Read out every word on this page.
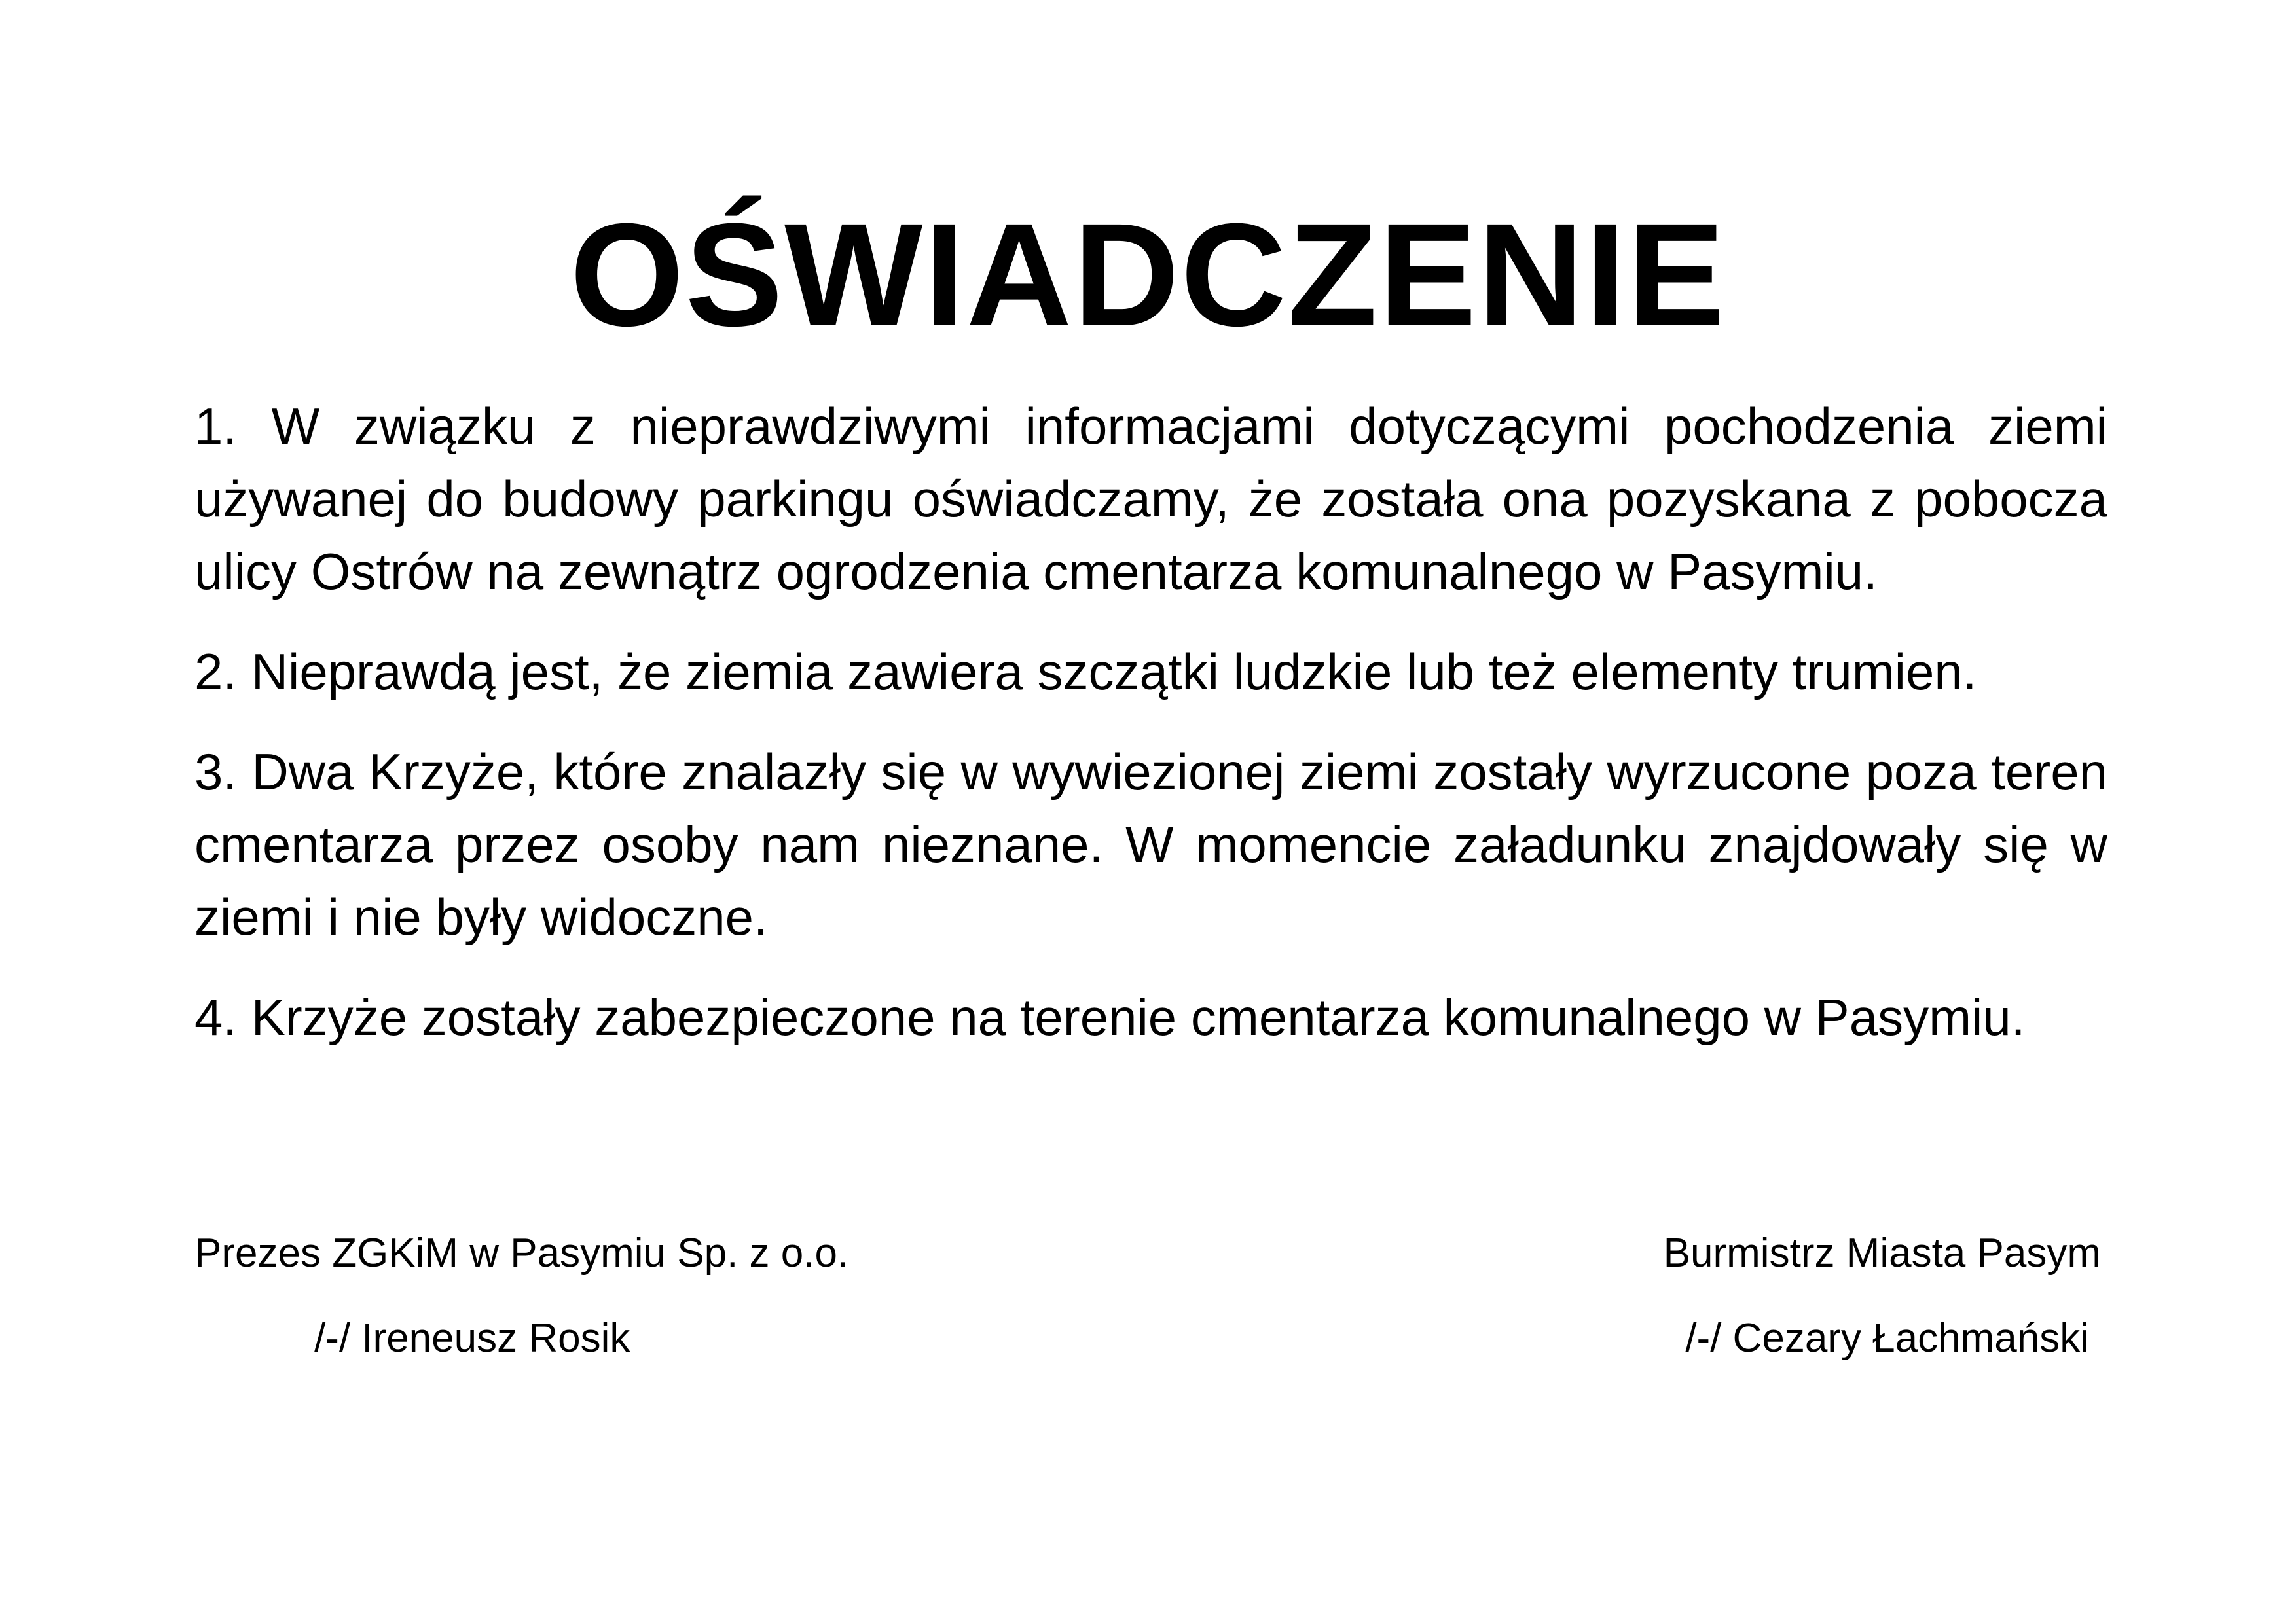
OŚWIADCZENIE

1. W związku z nieprawdziwymi informacjami dotyczącymi pochodzenia ziemi używanej do budowy parkingu oświadczamy, że została ona pozyskana z pobocza ulicy Ostrów na zewnątrz ogrodzenia cmentarza komunalnego w Pasymiu.

2. Nieprawdą jest, że ziemia zawiera szczątki ludzkie lub też elementy trumien.

3. Dwa Krzyże, które znalazły się w wywiezionej ziemi zostały wyrzucone poza teren cmentarza przez osoby nam nieznane. W momencie załadunku znajdowały się w ziemi i nie były widoczne.

4. Krzyże zostały zabezpieczone na terenie cmentarza komunalnego w Pasymiu.

Prezes ZGKiM w Pasymiu Sp. z o.o.	Burmistrz Miasta Pasym
/-/ Ireneusz Rosik	/-/ Cezary Łachmański
